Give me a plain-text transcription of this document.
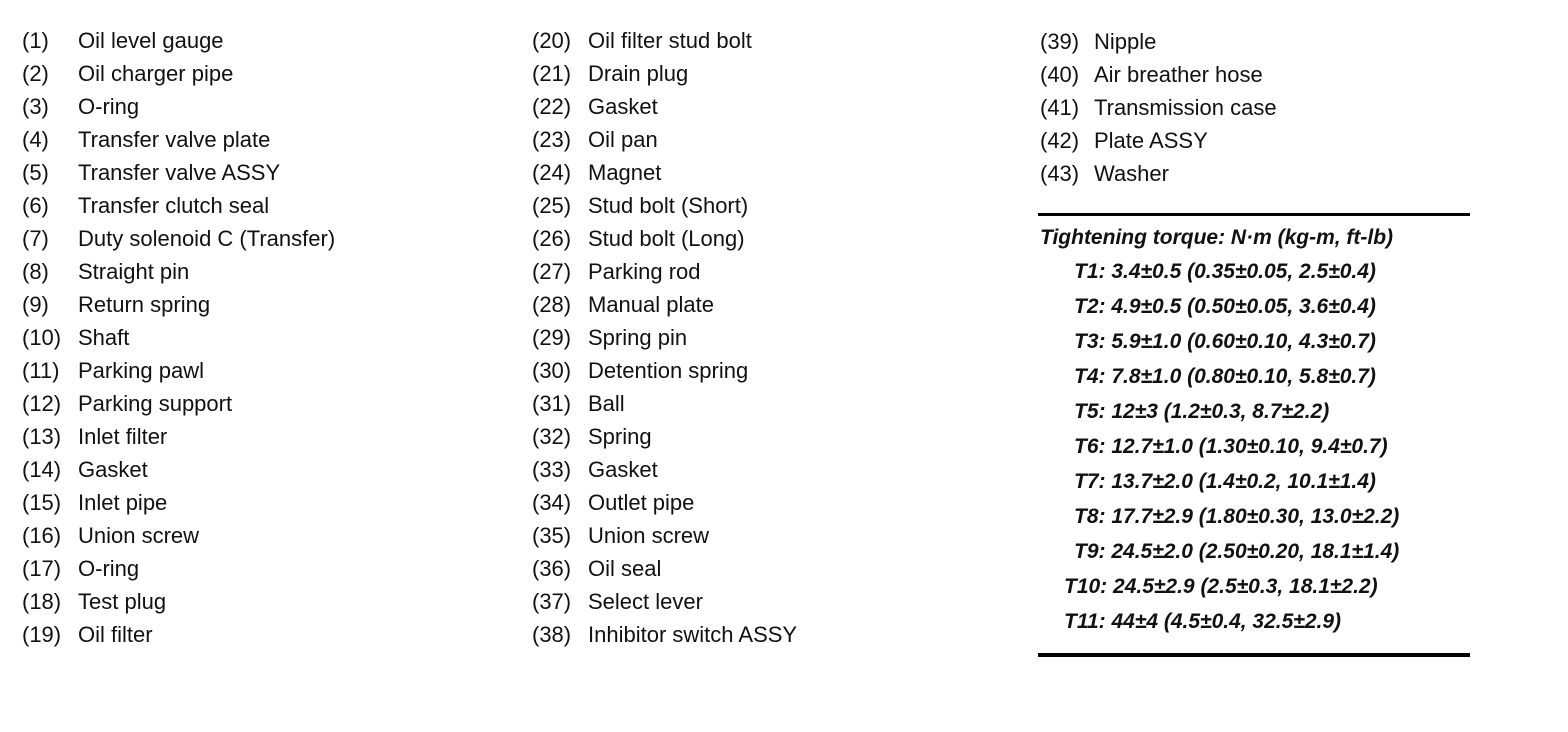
(1) Oil level gauge
(2) Oil charger pipe
(3) O-ring
(4) Transfer valve plate
(5) Transfer valve ASSY
(6) Transfer clutch seal
(7) Duty solenoid C (Transfer)
(8) Straight pin
(9) Return spring
(10) Shaft
(11) Parking pawl
(12) Parking support
(13) Inlet filter
(14) Gasket
(15) Inlet pipe
(16) Union screw
(17) O-ring
(18) Test plug
(19) Oil filter
(20) Oil filter stud bolt
(21) Drain plug
(22) Gasket
(23) Oil pan
(24) Magnet
(25) Stud bolt (Short)
(26) Stud bolt (Long)
(27) Parking rod
(28) Manual plate
(29) Spring pin
(30) Detention spring
(31) Ball
(32) Spring
(33) Gasket
(34) Outlet pipe
(35) Union screw
(36) Oil seal
(37) Select lever
(38) Inhibitor switch ASSY
(39) Nipple
(40) Air breather hose
(41) Transmission case
(42) Plate ASSY
(43) Washer
Tightening torque: N·m (kg-m, ft-lb)
T1: 3.4±0.5 (0.35±0.05, 2.5±0.4)
T2: 4.9±0.5 (0.50±0.05, 3.6±0.4)
T3: 5.9±1.0 (0.60±0.10, 4.3±0.7)
T4: 7.8±1.0 (0.80±0.10, 5.8±0.7)
T5: 12±3 (1.2±0.3, 8.7±2.2)
T6: 12.7±1.0 (1.30±0.10, 9.4±0.7)
T7: 13.7±2.0 (1.4±0.2, 10.1±1.4)
T8: 17.7±2.9 (1.80±0.30, 13.0±2.2)
T9: 24.5±2.0 (2.50±0.20, 18.1±1.4)
T10: 24.5±2.9 (2.5±0.3, 18.1±2.2)
T11: 44±4 (4.5±0.4, 32.5±2.9)
